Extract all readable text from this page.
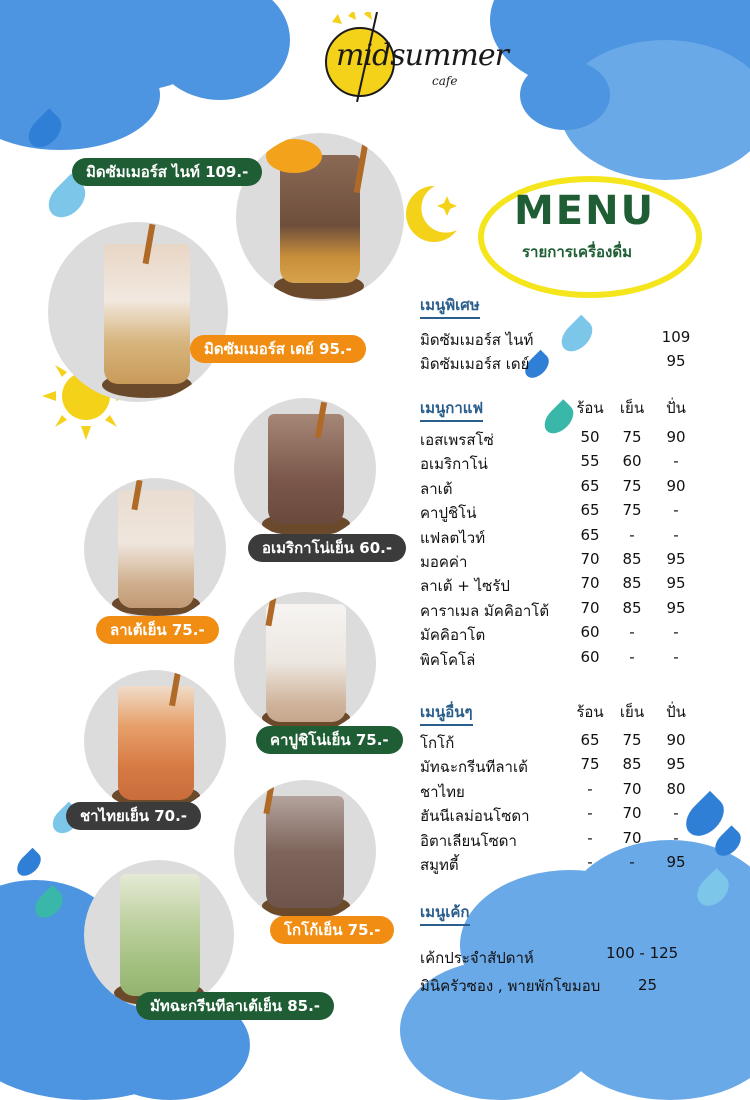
midsummer
cafe
MENU
รายการเครื่องดื่ม
มิดซัมเมอร์ส ไนท์ 109.-
มิดซัมเมอร์ส เดย์ 95.-
อเมริกาโน่เย็น 60.-
ลาเต้เย็น 75.-
คาปูชิโน่เย็น 75.-
ชาไทยเย็น 70.-
โกโก้เย็น 75.-
มัทฉะกรีนทีลาเต้เย็น 85.-
เมนูพิเศษ
มิดซัมเมอร์ส ไนท์	109
มิดซัมเมอร์ส เดย์	95
เมนูกาแฟ	ร้อน	เย็น	ปั่น
เอสเพรสโซ่	50	75	90
อเมริกาโน่	55	60	-
ลาเต้	65	75	90
คาปูชิโน่	65	75	-
แฟลตไวท์	65	-	-
มอคค่า	70	85	95
ลาเต้ + ไซรัป	70	85	95
คาราเมล มัคคิอาโต้	70	85	95
มัคคิอาโต	60	-	-
พิคโคโล่	60	-	-
เมนูอื่นๆ	ร้อน	เย็น	ปั่น
โกโก้	65	75	90
มัทฉะกรีนทีลาเต้	75	85	95
ชาไทย	-	70	80
ฮันนีเลม่อนโซดา	-	70	-
อิตาเลียนโซดา	-	70	-
สมูทตี้	-	-	95
เมนูเค้ก
เค้กประจำสัปดาห์	100 - 125
มินิครัวซอง , พายพักโขมอบ	25
